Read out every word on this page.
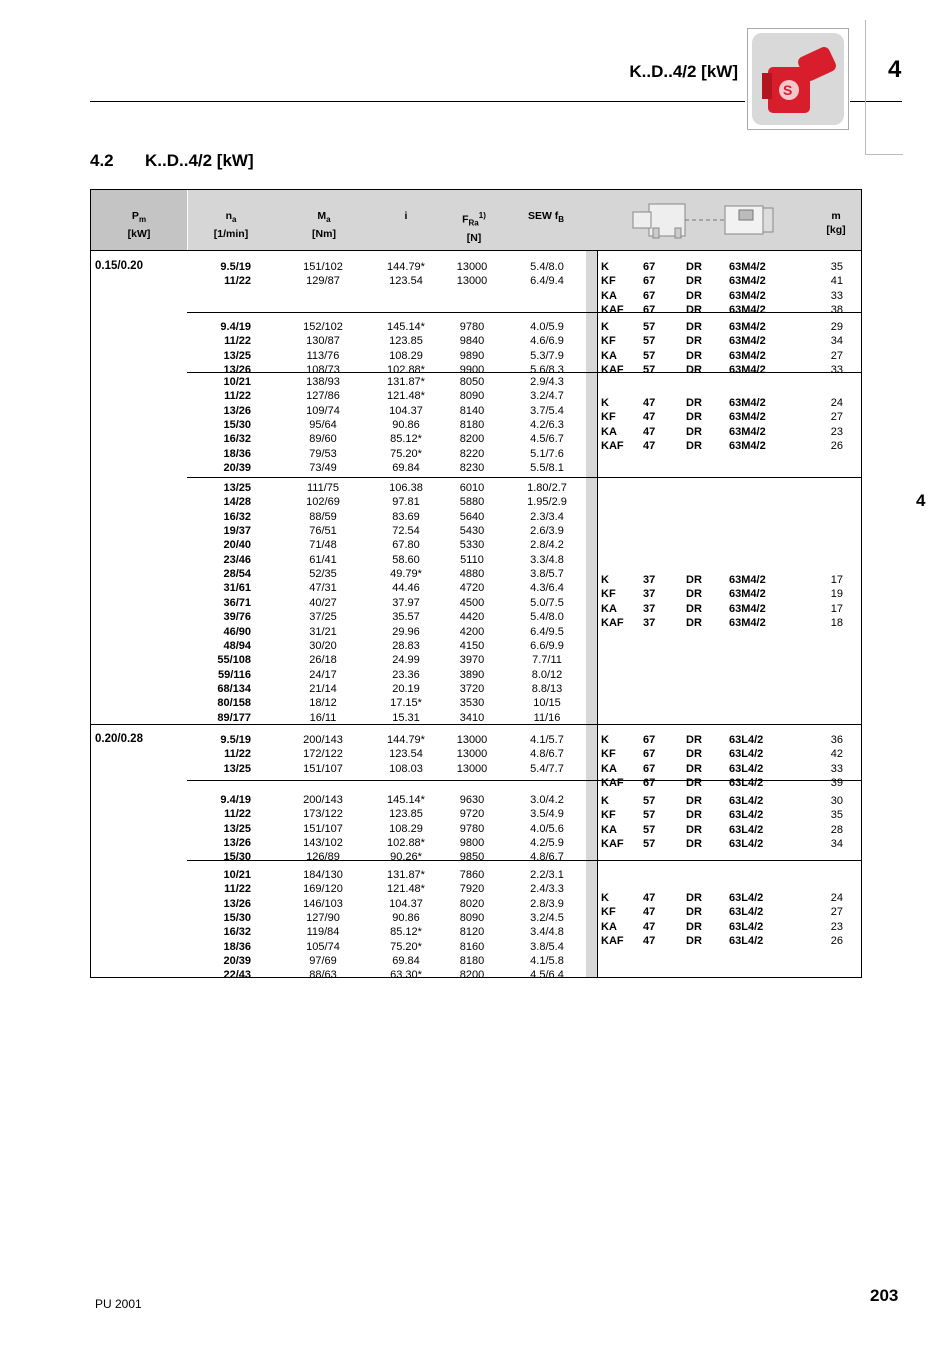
K..D..4/2 [kW]
S
4
4
4.2 K..D..4/2 [kW]
$P_m$
[kW]
$n_a$
[1/min]
$M_a$
[Nm]
i	$F_{Ra}^{1)}$
[N]
SEW $f_B$	m
[kg]
0.15/0.20	9.5/19	151/102	144.79*	13000	5.4/8.0
11/22	129/87	123.54	13000	6.4/9.4
K	67	DR	63M4/2	35
KF	67	DR	63M4/2	41
KA	67	DR	63M4/2	33
KAF	67	DR	63M4/2	38
9.4/19	152/102	145.14*	9780	4.0/5.9
11/22	130/87	123.85	9840	4.6/6.9
13/25	113/76	108.29	9890	5.3/7.9
13/26	108/73	102.88*	9900	5.6/8.3
K	57	DR	63M4/2	29
KF	57	DR	63M4/2	34
KA	57	DR	63M4/2	27
KAF	57	DR	63M4/2	33
10/21	138/93	131.87*	8050	2.9/4.3
11/22	127/86	121.48*	8090	3.2/4.7
13/26	109/74	104.37	8140	3.7/5.4
15/30	95/64	90.86	8180	4.2/6.3
16/32	89/60	85.12*	8200	4.5/6.7
18/36	79/53	75.20*	8220	5.1/7.6
20/39	73/49	69.84	8230	5.5/8.1
K	47	DR	63M4/2	24
KF	47	DR	63M4/2	27
KA	47	DR	63M4/2	23
KAF	47	DR	63M4/2	26
13/25	111/75	106.38	6010	1.80/2.7
14/28	102/69	97.81	5880	1.95/2.9
16/32	88/59	83.69	5640	2.3/3.4
19/37	76/51	72.54	5430	2.6/3.9
20/40	71/48	67.80	5330	2.8/4.2
23/46	61/41	58.60	5110	3.3/4.8
28/54	52/35	49.79*	4880	3.8/5.7
31/61	47/31	44.46	4720	4.3/6.4
36/71	40/27	37.97	4500	5.0/7.5
39/76	37/25	35.57	4420	5.4/8.0
46/90	31/21	29.96	4200	6.4/9.5
48/94	30/20	28.83	4150	6.6/9.9
55/108	26/18	24.99	3970	7.7/11
59/116	24/17	23.36	3890	8.0/12
68/134	21/14	20.19	3720	8.8/13
80/158	18/12	17.15*	3530	10/15
89/177	16/11	15.31	3410	11/16
K	37	DR	63M4/2	17
KF	37	DR	63M4/2	19
KA	37	DR	63M4/2	17
KAF	37	DR	63M4/2	18
0.20/0.28	9.5/19	200/143	144.79*	13000	4.1/5.7
11/22	172/122	123.54	13000	4.8/6.7
13/25	151/107	108.03	13000	5.4/7.7
K	67	DR	63L4/2	36
KF	67	DR	63L4/2	42
KA	67	DR	63L4/2	33
KAF	67	DR	63L4/2	39
9.4/19	200/143	145.14*	9630	3.0/4.2
11/22	173/122	123.85	9720	3.5/4.9
13/25	151/107	108.29	9780	4.0/5.6
13/26	143/102	102.88*	9800	4.2/5.9
15/30	126/89	90.26*	9850	4.8/6.7
K	57	DR	63L4/2	30
KF	57	DR	63L4/2	35
KA	57	DR	63L4/2	28
KAF	57	DR	63L4/2	34
10/21	184/130	131.87*	7860	2.2/3.1
11/22	169/120	121.48*	7920	2.4/3.3
13/26	146/103	104.37	8020	2.8/3.9
15/30	127/90	90.86	8090	3.2/4.5
16/32	119/84	85.12*	8120	3.4/4.8
18/36	105/74	75.20*	8160	3.8/5.4
20/39	97/69	69.84	8180	4.1/5.8
22/43	88/63	63.30*	8200	4.5/6.4
K	47	DR	63L4/2	24
KF	47	DR	63L4/2	27
KA	47	DR	63L4/2	23
KAF	47	DR	63L4/2	26
PU 2001	203
